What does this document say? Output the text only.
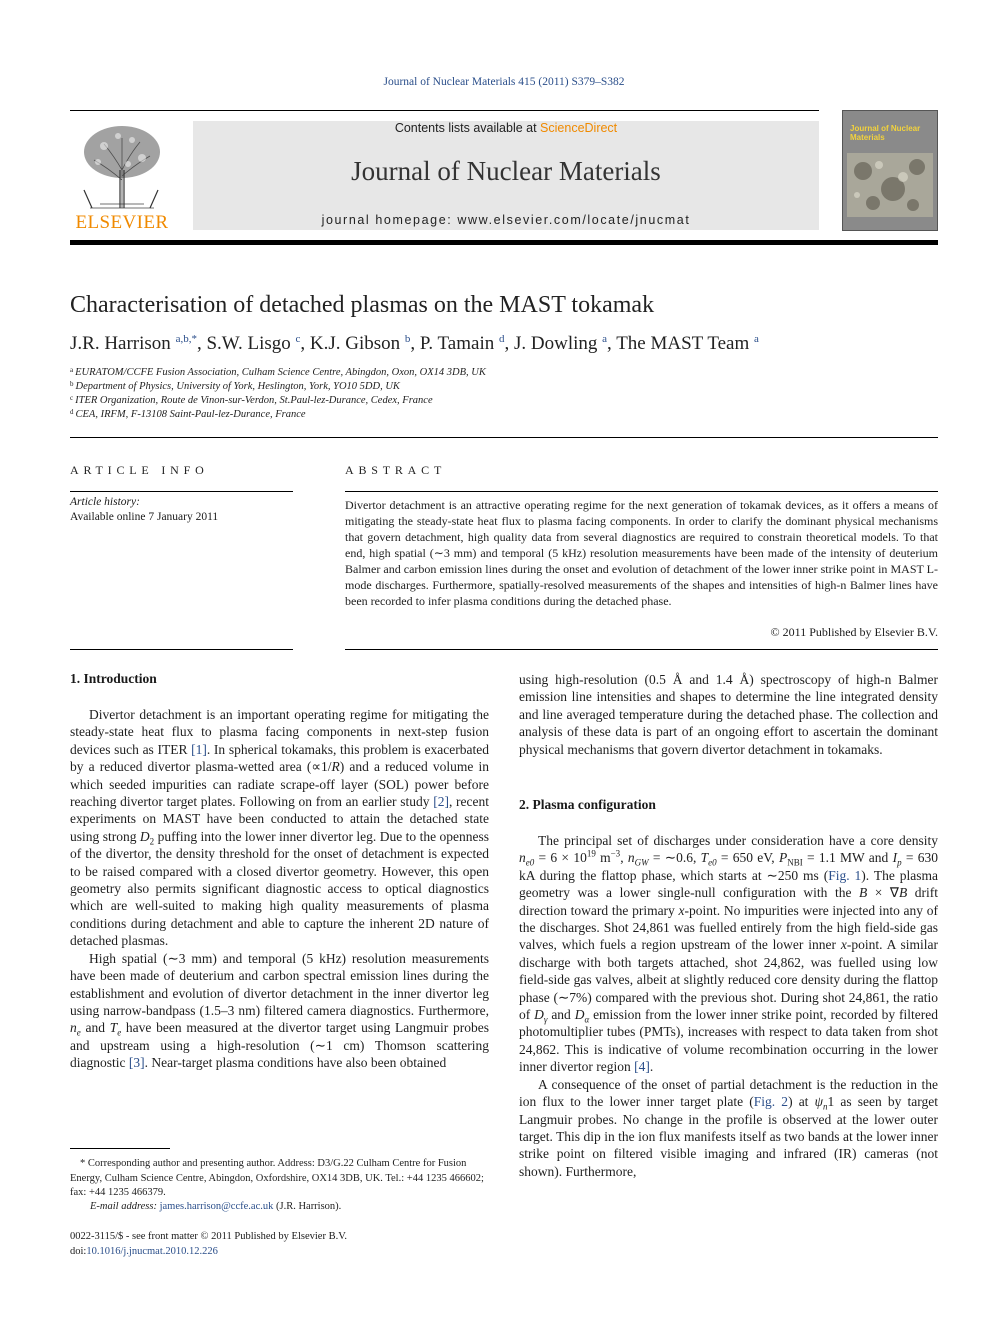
Journal of Nuclear Materials 415 (2011) S379–S382
ELSEVIER
Contents lists available at ScienceDirect
Journal of Nuclear Materials
journal homepage: www.elsevier.com/locate/jnucmat
Journal of Nuclear Materials
Characterisation of detached plasmas on the MAST tokamak
J.R. Harrison $^{a,b,*}$, S.W. Lisgo $^c$, K.J. Gibson $^b$, P. Tamain $^d$, J. Dowling $^a$, The MAST Team $^a$
$^a$ EURATOM/CCFE Fusion Association, Culham Science Centre, Abingdon, Oxon, OX14 3DB, UK
$^b$ Department of Physics, University of York, Heslington, York, YO10 5DD, UK
$^c$ ITER Organization, Route de Vinon-sur-Verdon, St.Paul-lez-Durance, Cedex, France
$^d$ CEA, IRFM, F-13108 Saint-Paul-lez-Durance, France
ARTICLE INFO	ABSTRACT
Article history:
Available online 7 January 2011
Divertor detachment is an attractive operating regime for the next generation of tokamak devices, as it offers a means of mitigating the steady-state heat flux to plasma facing components. In order to clarify the dominant physical mechanisms that govern detachment, high quality data from several diagnostics are required to constrain theoretical models. To that end, high spatial (∼3 mm) and temporal (5 kHz) resolution measurements have been made of the intensity of deuterium Balmer and carbon emission lines during the onset and evolution of detachment of the lower inner strike point in MAST L-mode discharges. Furthermore, spatially-resolved measurements of the shapes and intensities of high-n Balmer lines have been recorded to infer plasma conditions during the detached phase.
© 2011 Published by Elsevier B.V.
1. Introduction

Divertor detachment is an important operating regime for mitigating the steady-state heat flux to plasma facing components in next-step fusion devices such as ITER [1]. In spherical tokamaks, this problem is exacerbated by a reduced divertor plasma-wetted area (∝1/R) and a reduced volume in which seeded impurities can radiate scrape-off layer (SOL) power before reaching divertor target plates. Following on from an earlier study [2], recent experiments on MAST have been conducted to attain the detached state using strong $D_2$ puffing into the lower inner divertor leg. Due to the openness of the divertor, the density threshold for the onset of detachment is expected to be raised compared with a closed divertor geometry. However, this open geometry also permits significant diagnostic access to optical diagnostics which are well-suited to making high quality measurements of plasma conditions during detachment and able to capture the inherent 2D nature of detached plasmas.

High spatial (∼3 mm) and temporal (5 kHz) resolution measurements have been made of deuterium and carbon spectral emission lines during the establishment and evolution of divertor detachment in the inner divertor leg using narrow-bandpass (1.5–3 nm) filtered camera diagnostics. Furthermore, $n_e$ and $T_e$ have been measured at the divertor target using Langmuir probes and upstream using a high-resolution (∼1 cm) Thomson scattering diagnostic [3]. Near-target plasma conditions have also been obtained

* Corresponding author and presenting author. Address: D3/G.22 Culham Centre for Fusion Energy, Culham Science Centre, Abingdon, Oxfordshire, OX14 3DB, UK. Tel.: +44 1235 466602; fax: +44 1235 466379.
E-mail address: james.harrison@ccfe.ac.uk (J.R. Harrison).
0022-3115/$ - see front matter © 2011 Published by Elsevier B.V.
doi:10.1016/j.jnucmat.2010.12.226

using high-resolution (0.5 Å and 1.4 Å) spectroscopy of high-n Balmer emission line intensities and shapes to determine the line integrated density and line averaged temperature during the detached phase. The collection and analysis of these data is part of an ongoing effort to ascertain the dominant physical mechanisms that govern divertor detachment in tokamaks.

2. Plasma configuration

The principal set of discharges under consideration have a core density $n_{e0} = 6 \times 10^{19}$ $m^{-3}$, $n_{GW}$ = ∼0.6, $T_{e0} = 650$ eV, $P_{NBI} = 1.1$ MW and $I_p = 630$ kA during the flattop phase, which starts at ∼250 ms (Fig. 1). The plasma geometry was a lower single-null configuration with the B × ∇B drift direction toward the primary x-point. No impurities were injected into any of the discharges. Shot 24,861 was fuelled entirely from the high field-side gas valves, which fuels a region upstream of the lower inner x-point. A similar discharge with both targets attached, shot 24,862, was fuelled using low field-side gas valves, albeit at slightly reduced core density during the flattop phase (∼7%) compared with the previous shot. During shot 24,861, the ratio of $D_\gamma$ and $D_\alpha$ emission from the lower inner strike point, recorded by filtered photomultiplier tubes (PMTs), increases with respect to data taken from shot 24,862. This is indicative of volume recombination occurring in the lower inner divertor region [4].

A consequence of the onset of partial detachment is the reduction in the ion flux to the lower inner target plate (Fig. 2) at $\psi_n1$ as seen by target Langmuir probes. No change in the profile is observed at the lower outer target. This dip in the ion flux manifests itself as two bands at the lower inner strike point on filtered visible imaging and infrared (IR) cameras (not shown). Furthermore,
